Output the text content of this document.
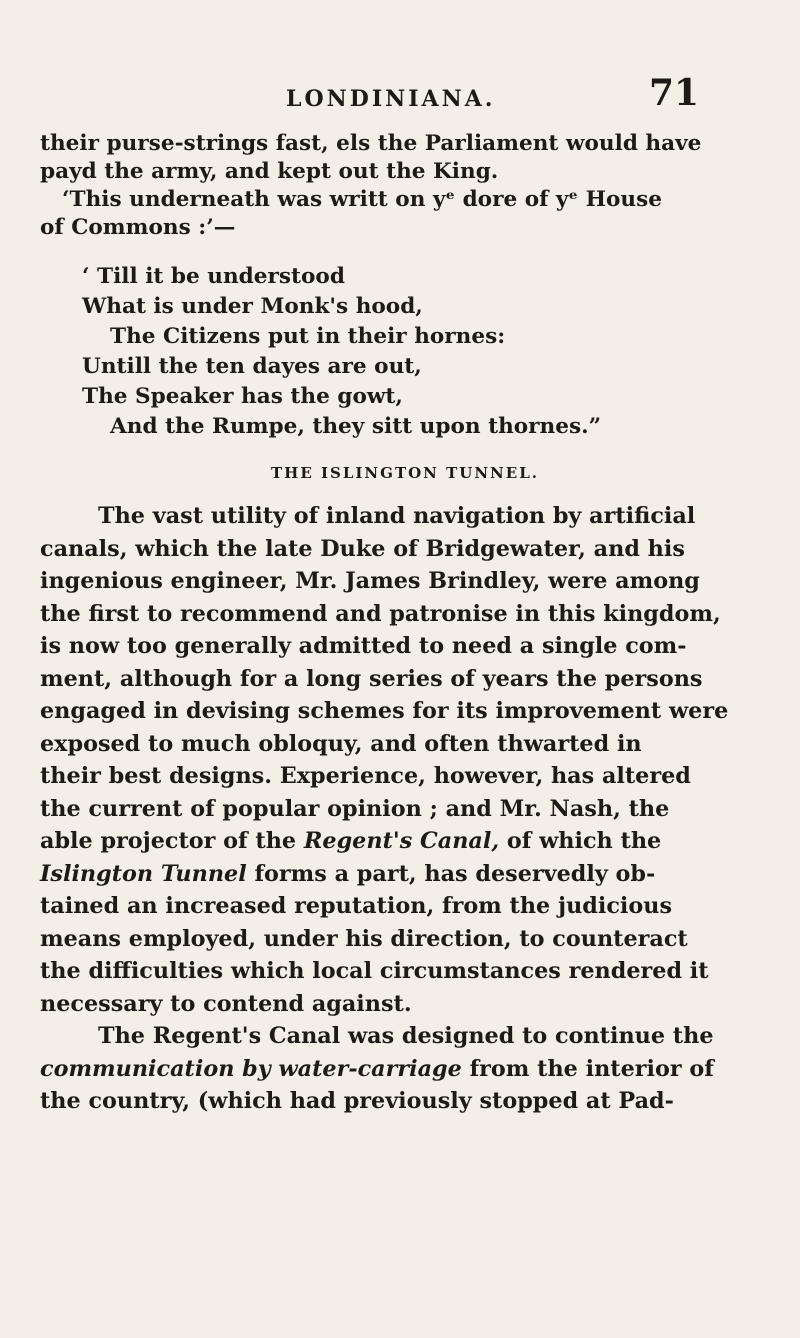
LONDINIANA.	71
their purse-strings fast, els the Parliament would have
payd the army, and kept out the King.
‘This underneath was writt on yᵉ dore of yᵉ House
of Commons :’—
‘ Till it be understood
What is under Monk's hood,
The Citizens put in their hornes:
Untill the ten dayes are out,
The Speaker has the gowt,
And the Rumpe, they sitt upon thornes.”
THE ISLINGTON TUNNEL.
The vast utility of inland navigation by artificial
canals, which the late Duke of Bridgewater, and his
ingenious engineer, Mr. James Brindley, were among
the first to recommend and patronise in this kingdom,
is now too generally admitted to need a single com-
ment, although for a long series of years the persons
engaged in devising schemes for its improvement were
exposed to much obloquy, and often thwarted in
their best designs. Experience, however, has altered
the current of popular opinion ; and Mr. Nash, the
able projector of the Regent's Canal, of which the
Islington Tunnel forms a part, has deservedly ob-
tained an increased reputation, from the judicious
means employed, under his direction, to counteract
the difficulties which local circumstances rendered it
necessary to contend against.
The Regent's Canal was designed to continue the
communication by water-carriage from the interior of
the country, (which had previously stopped at Pad-
